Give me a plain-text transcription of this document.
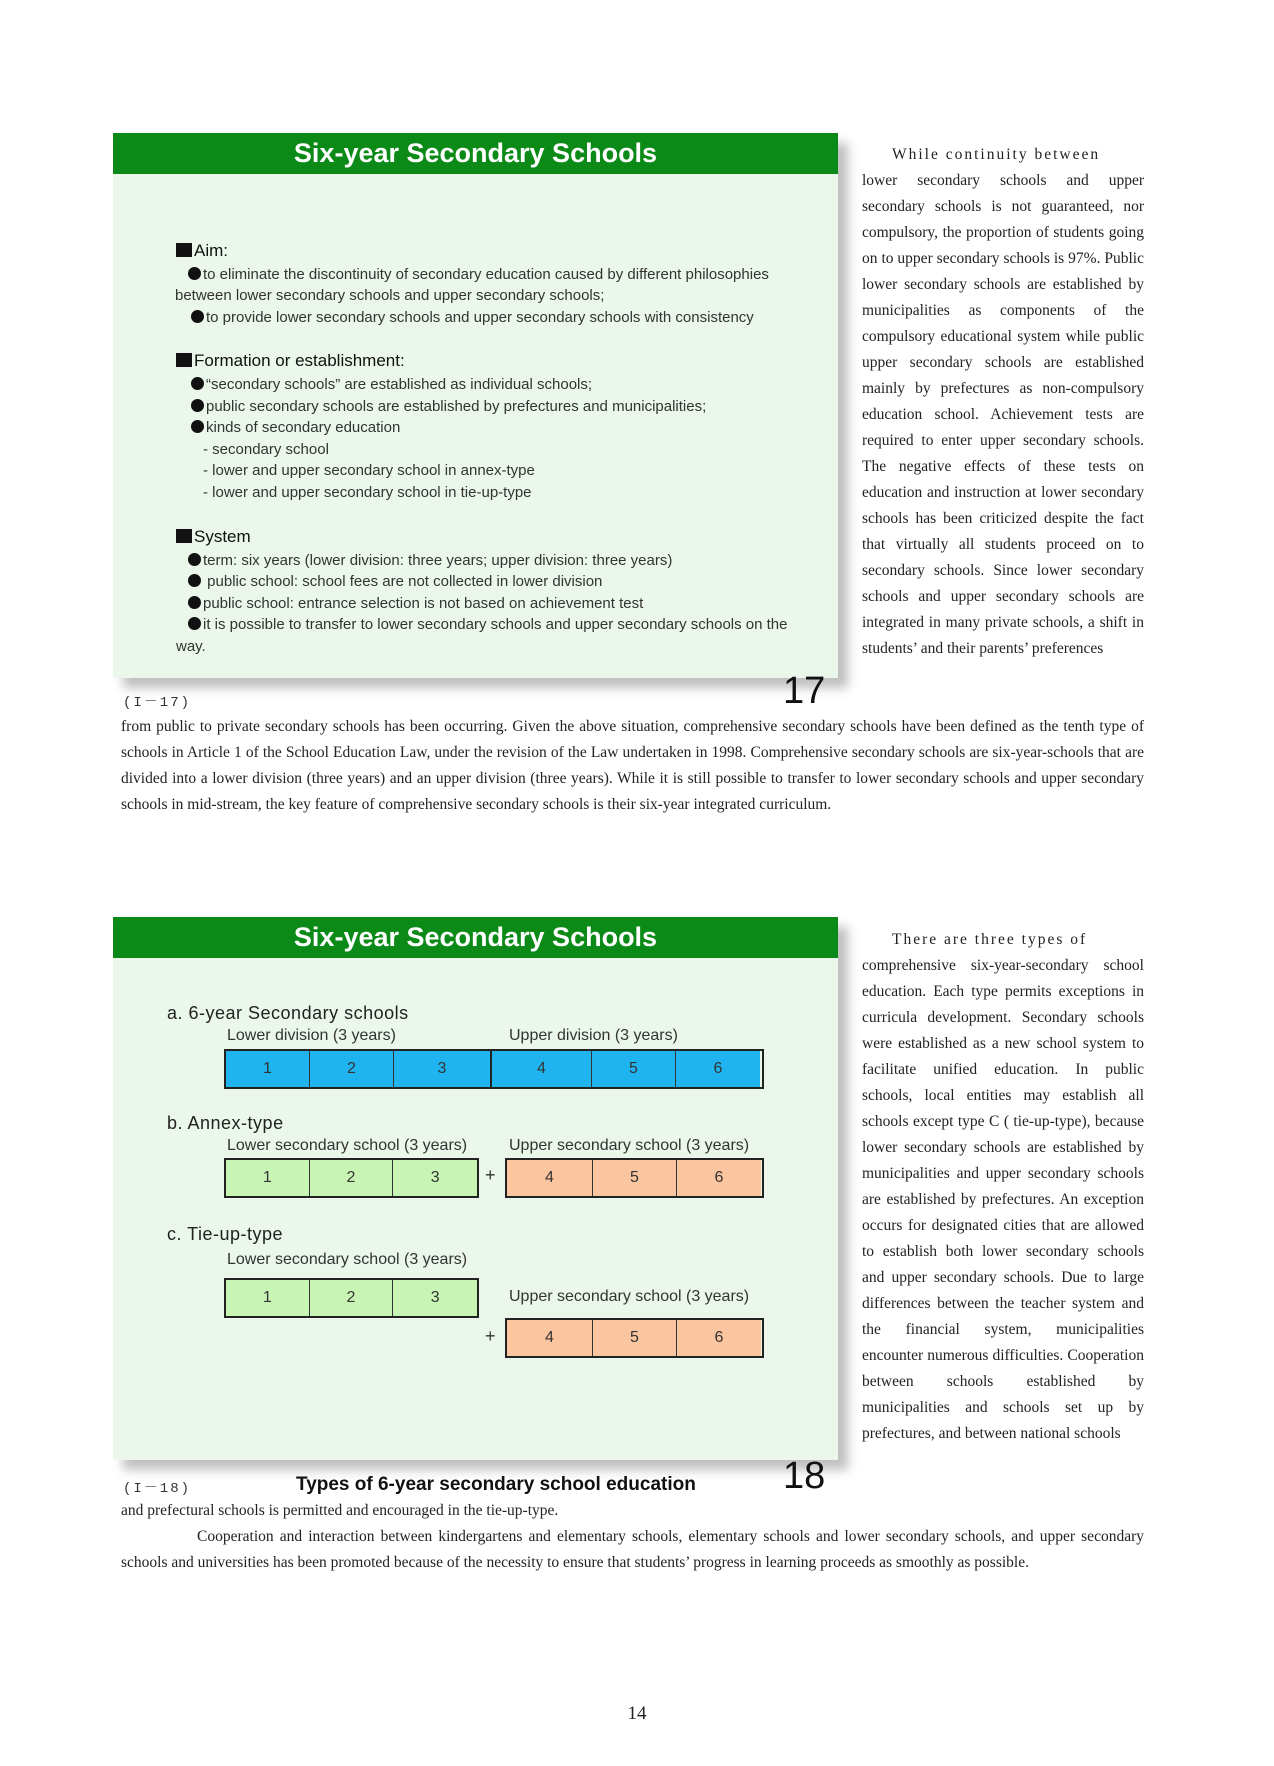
Six-year Secondary Schools
Aim:
to eliminate the discontinuity of secondary education caused by different philosophies
between lower secondary schools and upper secondary schools;
to provide lower secondary schools and upper secondary schools with consistency
Formation or establishment:
“secondary schools” are established as individual schools;
public secondary schools are established by prefectures and municipalities;
kinds of secondary education
- secondary school
- lower and upper secondary school in annex-type
- lower and upper secondary school in tie-up-type
System
term: six years (lower division: three years; upper division: three years)
public school: school fees are not collected in lower division
public school: entrance selection is not based on achievement test
it is possible to transfer to lower secondary schools and upper secondary schools on the
way.
(I－17)	17

While continuity between

lower secondary schools and upper secondary schools is not guaranteed, nor compulsory, the proportion of students going on to upper secondary schools is 97%. Public lower secondary schools are established by municipalities as components of the compulsory educational system while public upper secondary schools are established mainly by prefectures as non-compulsory education school. Achievement tests are required to enter upper secondary schools. The negative effects of these tests on education and instruction at lower secondary schools has been criticized despite the fact that virtually all students proceed on to secondary schools. Since lower secondary schools and upper secondary schools are integrated in many private schools, a shift in students’ and their parents’ preferences

from public to private secondary schools has been occurring. Given the above situation, comprehensive secondary schools have been defined as the tenth type of schools in Article 1 of the School Education Law, under the revision of the Law undertaken in 1998. Comprehensive secondary schools are six-year-schools that are divided into a lower division (three years) and an upper division (three years). While it is still possible to transfer to lower secondary schools and upper secondary schools in mid-stream, the key feature of comprehensive secondary schools is their six-year integrated curriculum.

Six-year Secondary Schools
a. 6-year Secondary schools
Lower division (3 years)	Upper division (3 years)
1	2	3	4	5	6
b. Annex-type
Lower secondary school (3 years)	Upper secondary school (3 years)
1	2	3	+	4	5	6
c. Tie-up-type
Lower secondary school (3 years)
1	2	3	Upper secondary school (3 years)
+	4	5	6
(I－18)	Types of 6-year secondary school education 18

There are three types of

comprehensive six-year-secondary school education. Each type permits exceptions in curricula development. Secondary schools were established as a new school system to facilitate unified education. In public schools, local entities may establish all schools except type C ( tie-up-type), because lower secondary schools are established by municipalities and upper secondary schools are established by prefectures. An exception occurs for designated cities that are allowed to establish both lower secondary schools and upper secondary schools. Due to large differences between the teacher system and the financial system, municipalities encounter numerous difficulties. Cooperation between schools established by municipalities and schools set up by prefectures, and between national schools

and prefectural schools is permitted and encouraged in the tie-up-type.

Cooperation and interaction between kindergartens and elementary schools, elementary schools and lower secondary schools, and upper secondary schools and universities has been promoted because of the necessity to ensure that students’ progress in learning proceeds as smoothly as possible.

14
